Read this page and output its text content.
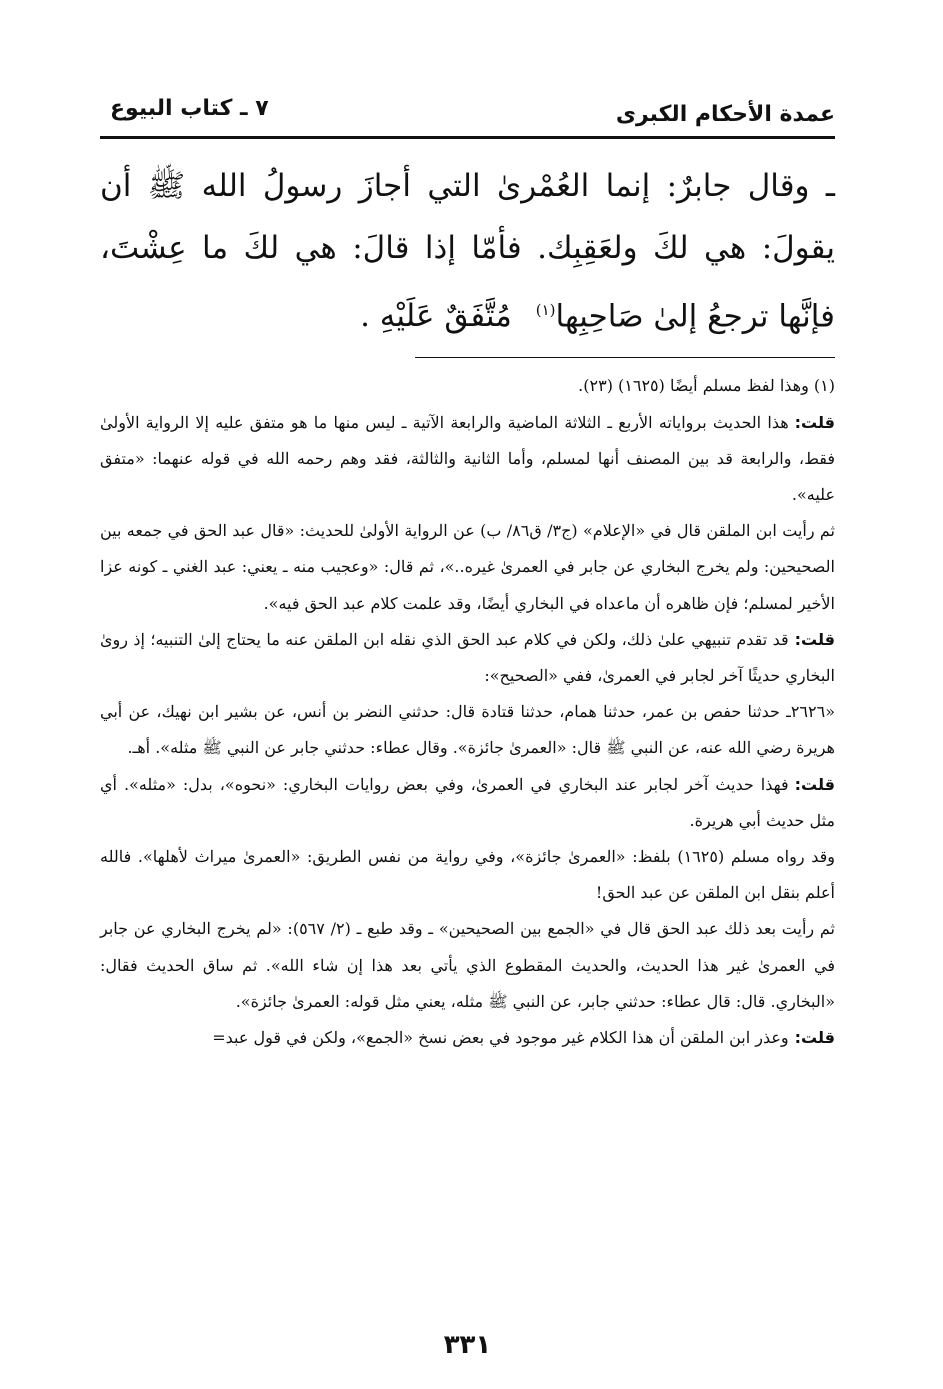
عمدة الأحكام الكبرى
٧ ـ كتاب البيوع

ـ وقال جابرٌ: إنما العُمْرىٰ التي أجازَ رسولُ الله ﷺ أن يقولَ: هي لكَ ولعَقِبِك. فأمّا إذا قالَ: هي لكَ ما عِشْتَ، فإنَّها ترجعُ إلىٰ صَاحِبِها$^{(١)}$ مُتَّفَقٌ عَلَيْهِ .

(١) وهذا لفظ مسلم أيضًا (١٦٢٥) (٢٣).

قلت:هذا الحديث برواياته الأربع ـ الثلاثة الماضية والرابعة الآتية ـ ليس منها ما هو متفق عليه إلا الرواية الأولىٰ فقط، والرابعة قد بين المصنف أنها لمسلم، وأما الثانية والثالثة، فقد وهم رحمه الله في قوله عنهما: «متفق عليه».

ثم رأيت ابن الملقن قال في «الإعلام» (ج٣/ ق٨٦/ ب) عن الرواية الأولىٰ للحديث: «قال عبد الحق في جمعه بين الصحيحين: ولم يخرج البخاري عن جابر في العمرىٰ غيره..»، ثم قال: «وعجيب منه ـ يعني: عبد الغني ـ كونه عزا الأخير لمسلم؛ فإن ظاهره أن ماعداه في البخاري أيضًا، وقد علمت كلام عبد الحق فيه».

قلت:قد تقدم تنبيهي علىٰ ذلك، ولكن في كلام عبد الحق الذي نقله ابن الملقن عنه ما يحتاج إلىٰ التنبيه؛ إذ روىٰ البخاري حديثًا آخر لجابر في العمرىٰ، ففي «الصحيح»:

«٢٦٢٦ـ حدثنا حفص بن عمر، حدثنا همام، حدثنا قتادة قال: حدثني النضر بن أنس، عن بشير ابن نهيك، عن أبي هريرة رضي الله عنه، عن النبي ﷺ قال: «العمرىٰ جائزة». وقال عطاء: حدثني جابر عن النبي ﷺ مثله». أهـ.

قلت:فهذا حديث آخر لجابر عند البخاري في العمرىٰ، وفي بعض روايات البخاري: «نحوه»، بدل: «مثله». أي مثل حديث أبي هريرة.

وقد رواه مسلم (١٦٢٥) بلفظ: «العمرىٰ جائزة»، وفي رواية من نفس الطريق: «العمرىٰ ميراث لأهلها». فالله أعلم بنقل ابن الملقن عن عبد الحق!

ثم رأيت بعد ذلك عبد الحق قال في «الجمع بين الصحيحين» ـ وقد طبع ـ (٢/ ٥٦٧): «لم يخرج البخاري عن جابر في العمرىٰ غير هذا الحديث، والحديث المقطوع الذي يأتي بعد هذا إن شاء الله». ثم ساق الحديث فقال: «البخاري. قال: قال عطاء: حدثني جابر، عن النبي ﷺ مثله، يعني مثل قوله: العمرىٰ جائزة».

قلت:وعذر ابن الملقن أن هذا الكلام غير موجود في بعض نسخ «الجمع»، ولكن في قول عبد=

٣٣١
